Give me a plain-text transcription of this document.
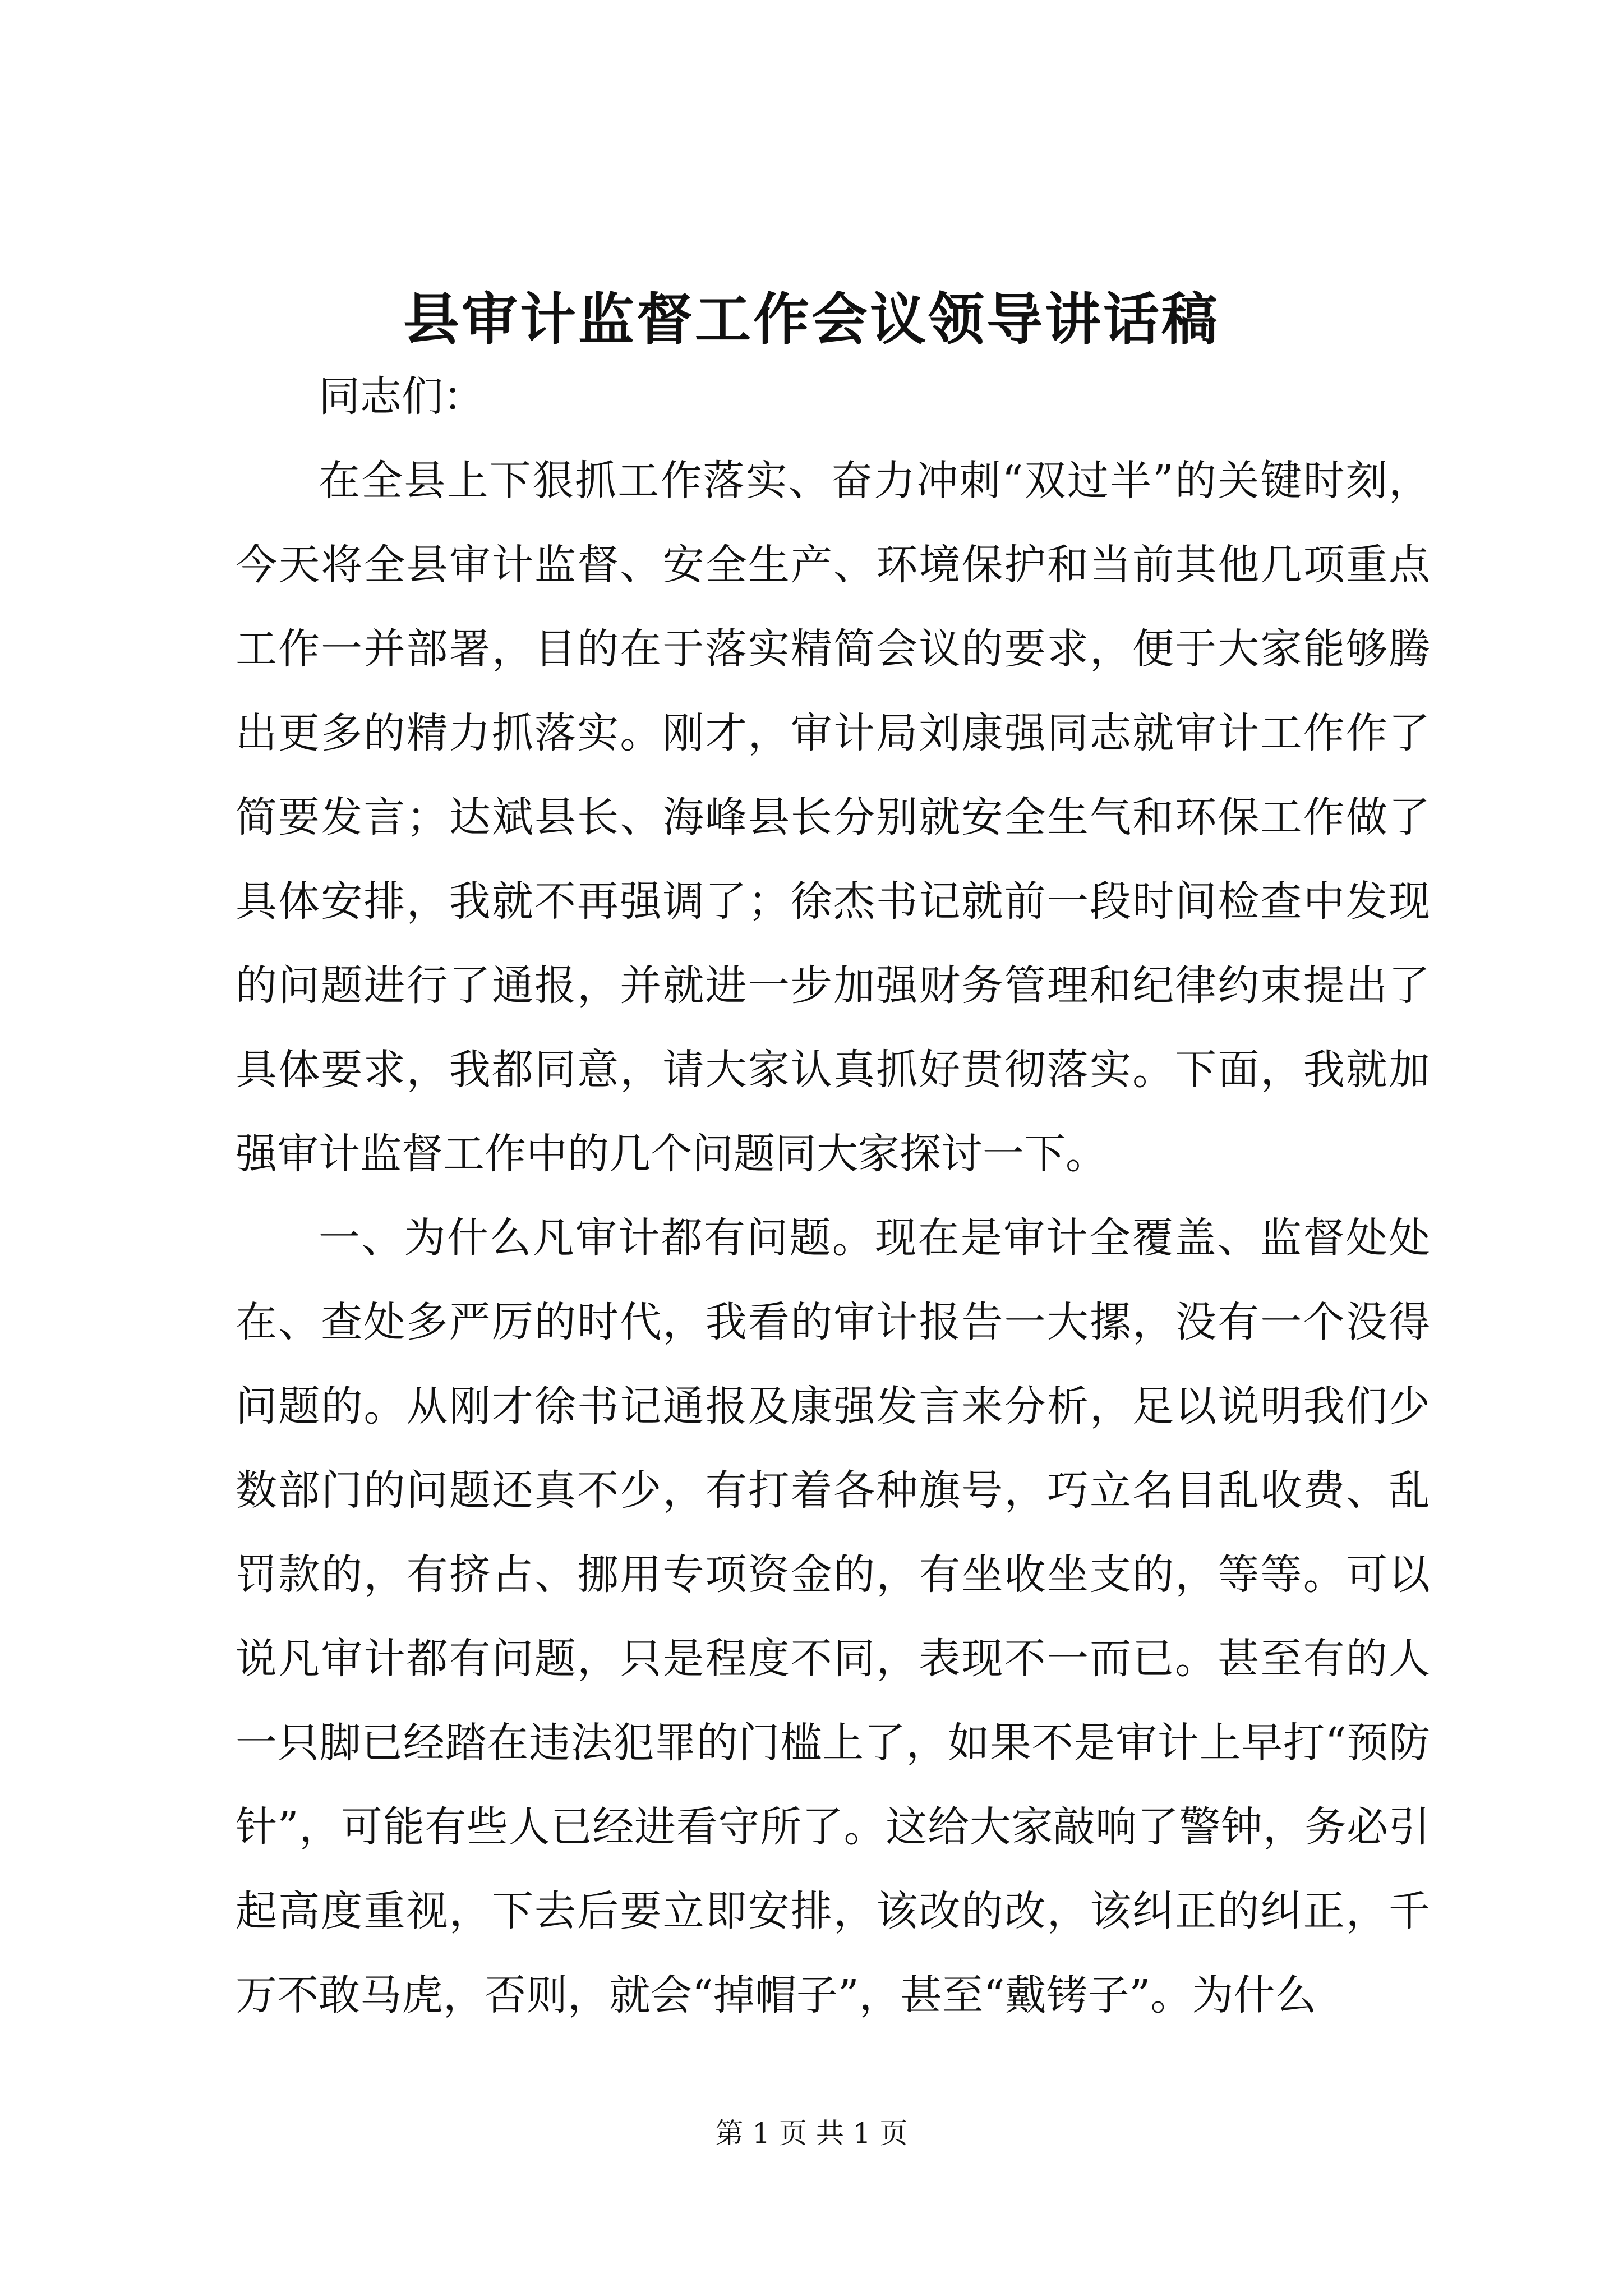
县审计监督工作会议领导讲话稿

同志们：

在全县上下狠抓工作落实、奋力冲刺“双过半”的关键时刻，今天将全县审计监督、安全生产、环境保护和当前其他几项重点工作一并部署，目的在于落实精简会议的要求，便于大家能够腾出更多的精力抓落实。刚才，审计局刘康强同志就审计工作作了简要发言；达斌县长、海峰县长分别就安全生气和环保工作做了具体安排，我就不再强调了；徐杰书记就前一段时间检查中发现的问题进行了通报，并就进一步加强财务管理和纪律约束提出了具体要求，我都同意，请大家认真抓好贯彻落实。下面，我就加强审计监督工作中的几个问题同大家探讨一下。

一、为什么凡审计都有问题。现在是审计全覆盖、监督处处在、查处多严厉的时代，我看的审计报告一大摞，没有一个没得问题的。从刚才徐书记通报及康强发言来分析，足以说明我们少数部门的问题还真不少，有打着各种旗号，巧立名目乱收费、乱罚款的，有挤占、挪用专项资金的，有坐收坐支的，等等。可以说凡审计都有问题，只是程度不同，表现不一而已。甚至有的人一只脚已经踏在违法犯罪的门槛上了，如果不是审计上早打“预防针”，可能有些人已经进看守所了。这给大家敲响了警钟，务必引起高度重视，下去后要立即安排，该改的改，该纠正的纠正，千万不敢马虎，否则，就会“掉帽子”，甚至“戴铐子”。为什么

第 1 页 共 1 页
